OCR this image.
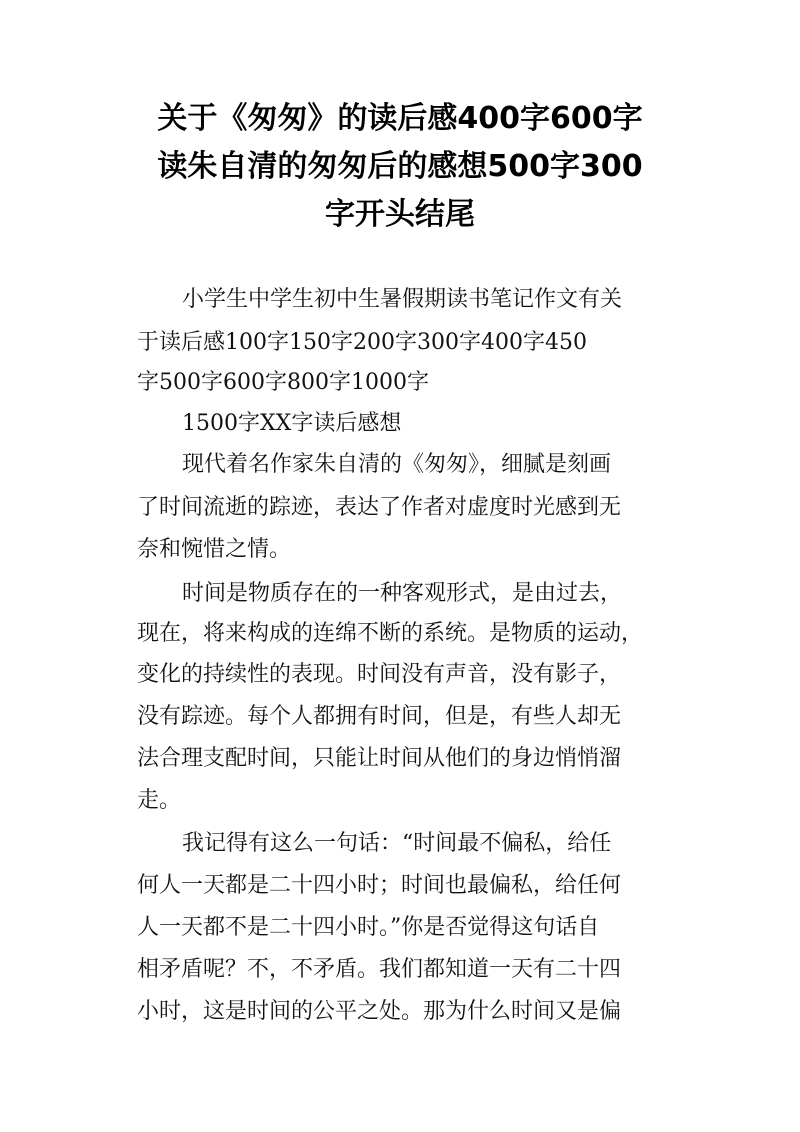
关于《匆匆》的读后感400字600字
读朱自清的匆匆后的感想500字300
字开头结尾
小学生中学生初中生暑假期读书笔记作文有关
于读后感100字150字200字300字400字450
字500字600字800字1000字
1500字XX字读后感想
现代着名作家朱自清的《匆匆》，细腻是刻画
了时间流逝的踪迹，表达了作者对虚度时光感到无
奈和惋惜之情。
时间是物质存在的一种客观形式，是由过去，
现在，将来构成的连绵不断的系统。是物质的运动，
变化的持续性的表现。时间没有声音，没有影子，
没有踪迹。每个人都拥有时间，但是，有些人却无
法合理支配时间，只能让时间从他们的身边悄悄溜
走。
我记得有这么一句话：“时间最不偏私，给任
何人一天都是二十四小时；时间也最偏私，给任何
人一天都不是二十四小时。”你是否觉得这句话自
相矛盾呢？不，不矛盾。我们都知道一天有二十四
小时，这是时间的公平之处。那为什么时间又是偏
